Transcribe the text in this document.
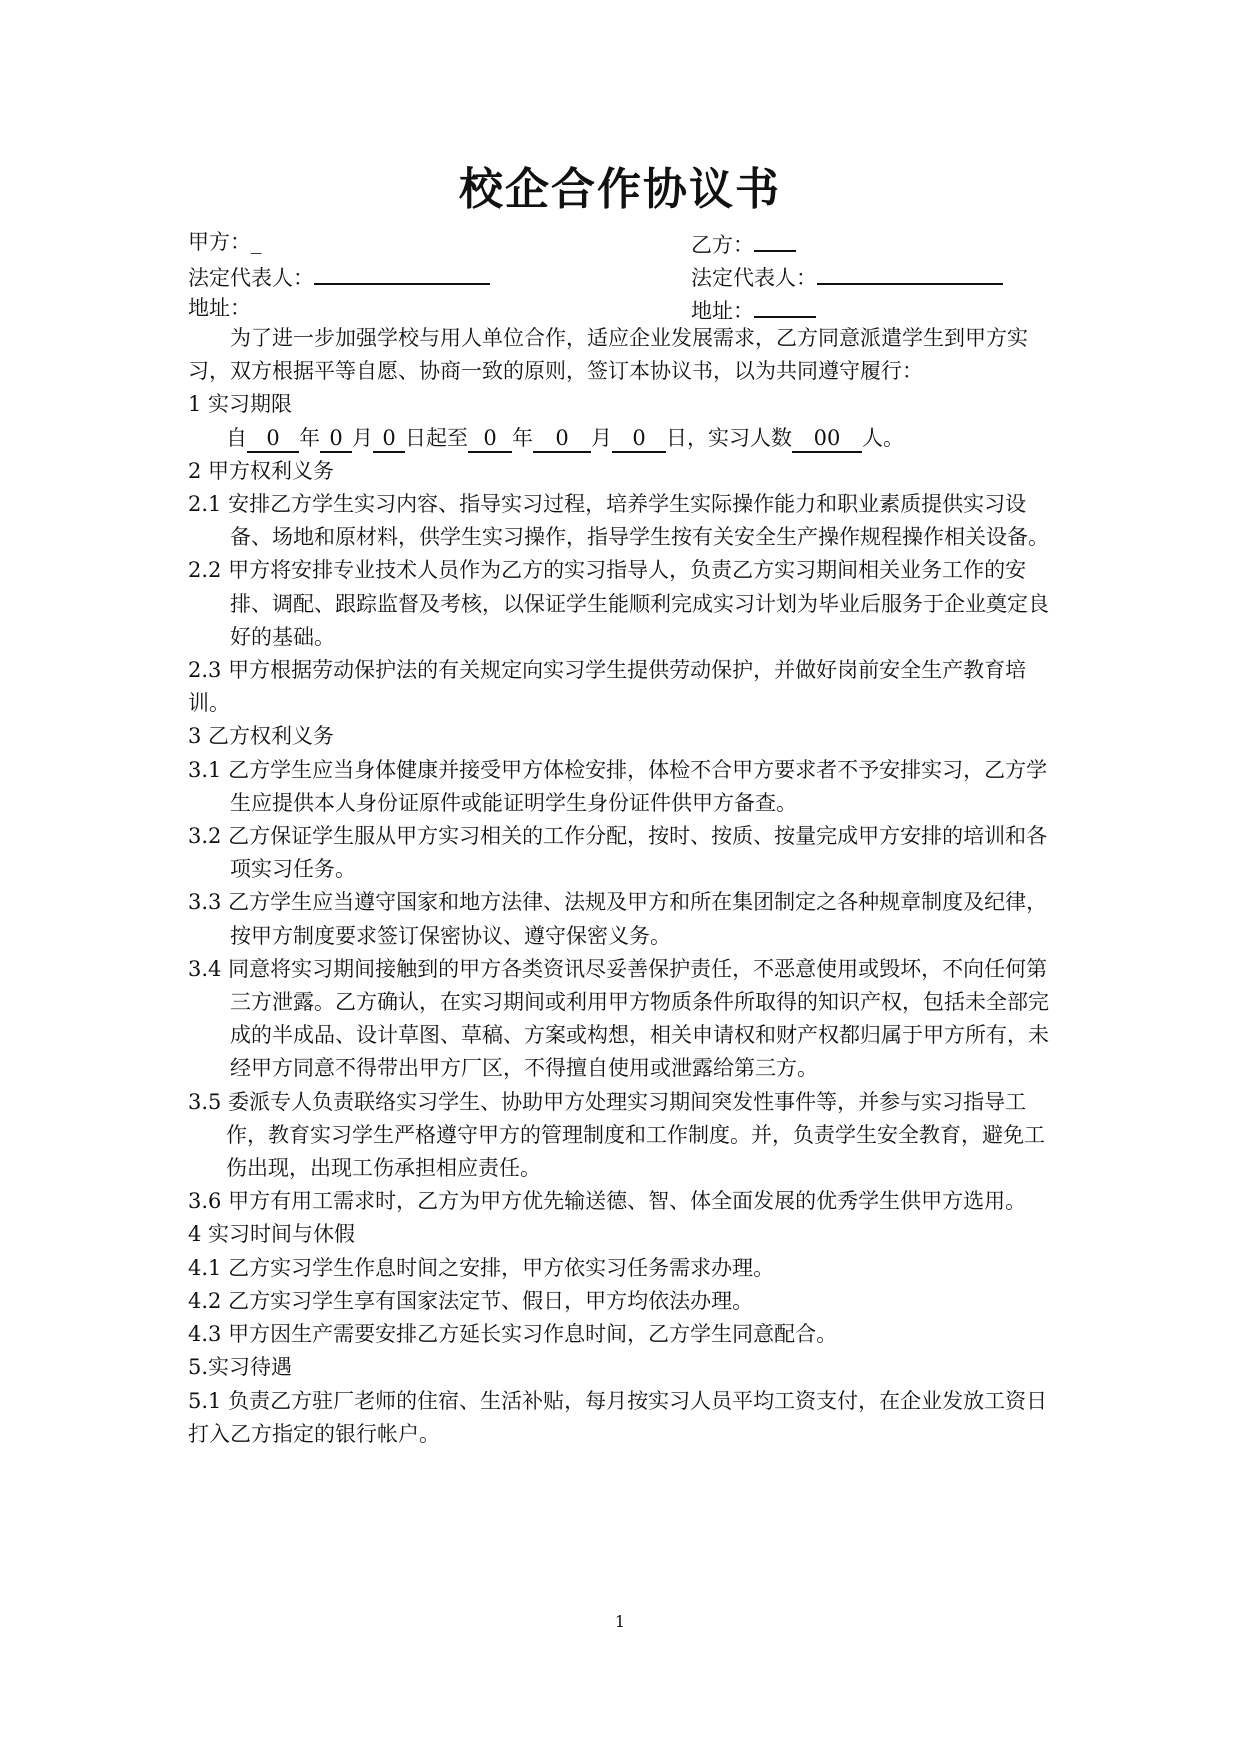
校企合作协议书
甲方：_
法定代表人：
地址：
乙方：
法定代表人：
地址：

为了进一步加强学校与用人单位合作，适应企业发展需求，乙方同意派遣学生到甲方实习，双方根据平等自愿、协商一致的原则，签订本协议书，以为共同遵守履行：

1 实习期限

自 0 年 0 月 0 日起至 0 年 0 月 0 日，实习人数 00 人。

2 甲方权利义务

2.1 安排乙方学生实习内容、指导实习过程，培养学生实际操作能力和职业素质提供实习设备、场地和原材料，供学生实习操作，指导学生按有关安全生产操作规程操作相关设备。

2.2 甲方将安排专业技术人员作为乙方的实习指导人，负责乙方实习期间相关业务工作的安排、调配、跟踪监督及考核，以保证学生能顺利完成实习计划为毕业后服务于企业奠定良好的基础。

2.3 甲方根据劳动保护法的有关规定向实习学生提供劳动保护，并做好岗前安全生产教育培训。

3 乙方权利义务

3.1 乙方学生应当身体健康并接受甲方体检安排，体检不合甲方要求者不予安排实习，乙方学生应提供本人身份证原件或能证明学生身份证件供甲方备查。

3.2 乙方保证学生服从甲方实习相关的工作分配，按时、按质、按量完成甲方安排的培训和各项实习任务。

3.3 乙方学生应当遵守国家和地方法律、法规及甲方和所在集团制定之各种规章制度及纪律，按甲方制度要求签订保密协议、遵守保密义务。

3.4 同意将实习期间接触到的甲方各类资讯尽妥善保护责任，不恶意使用或毁坏，不向任何第三方泄露。乙方确认，在实习期间或利用甲方物质条件所取得的知识产权，包括未全部完成的半成品、设计草图、草稿、方案或构想，相关申请权和财产权都归属于甲方所有，未经甲方同意不得带出甲方厂区，不得擅自使用或泄露给第三方。

3.5 委派专人负责联络实习学生、协助甲方处理实习期间突发性事件等，并参与实习指导工作，教育实习学生严格遵守甲方的管理制度和工作制度。并，负责学生安全教育，避免工伤出现，出现工伤承担相应责任。

3.6 甲方有用工需求时，乙方为甲方优先输送德、智、体全面发展的优秀学生供甲方选用。

4 实习时间与休假

4.1 乙方实习学生作息时间之安排，甲方依实习任务需求办理。

4.2 乙方实习学生享有国家法定节、假日，甲方均依法办理。

4.3 甲方因生产需要安排乙方延长实习作息时间，乙方学生同意配合。

5.实习待遇

5.1 负责乙方驻厂老师的住宿、生活补贴，每月按实习人员平均工资支付，在企业发放工资日打入乙方指定的银行帐户。

1
